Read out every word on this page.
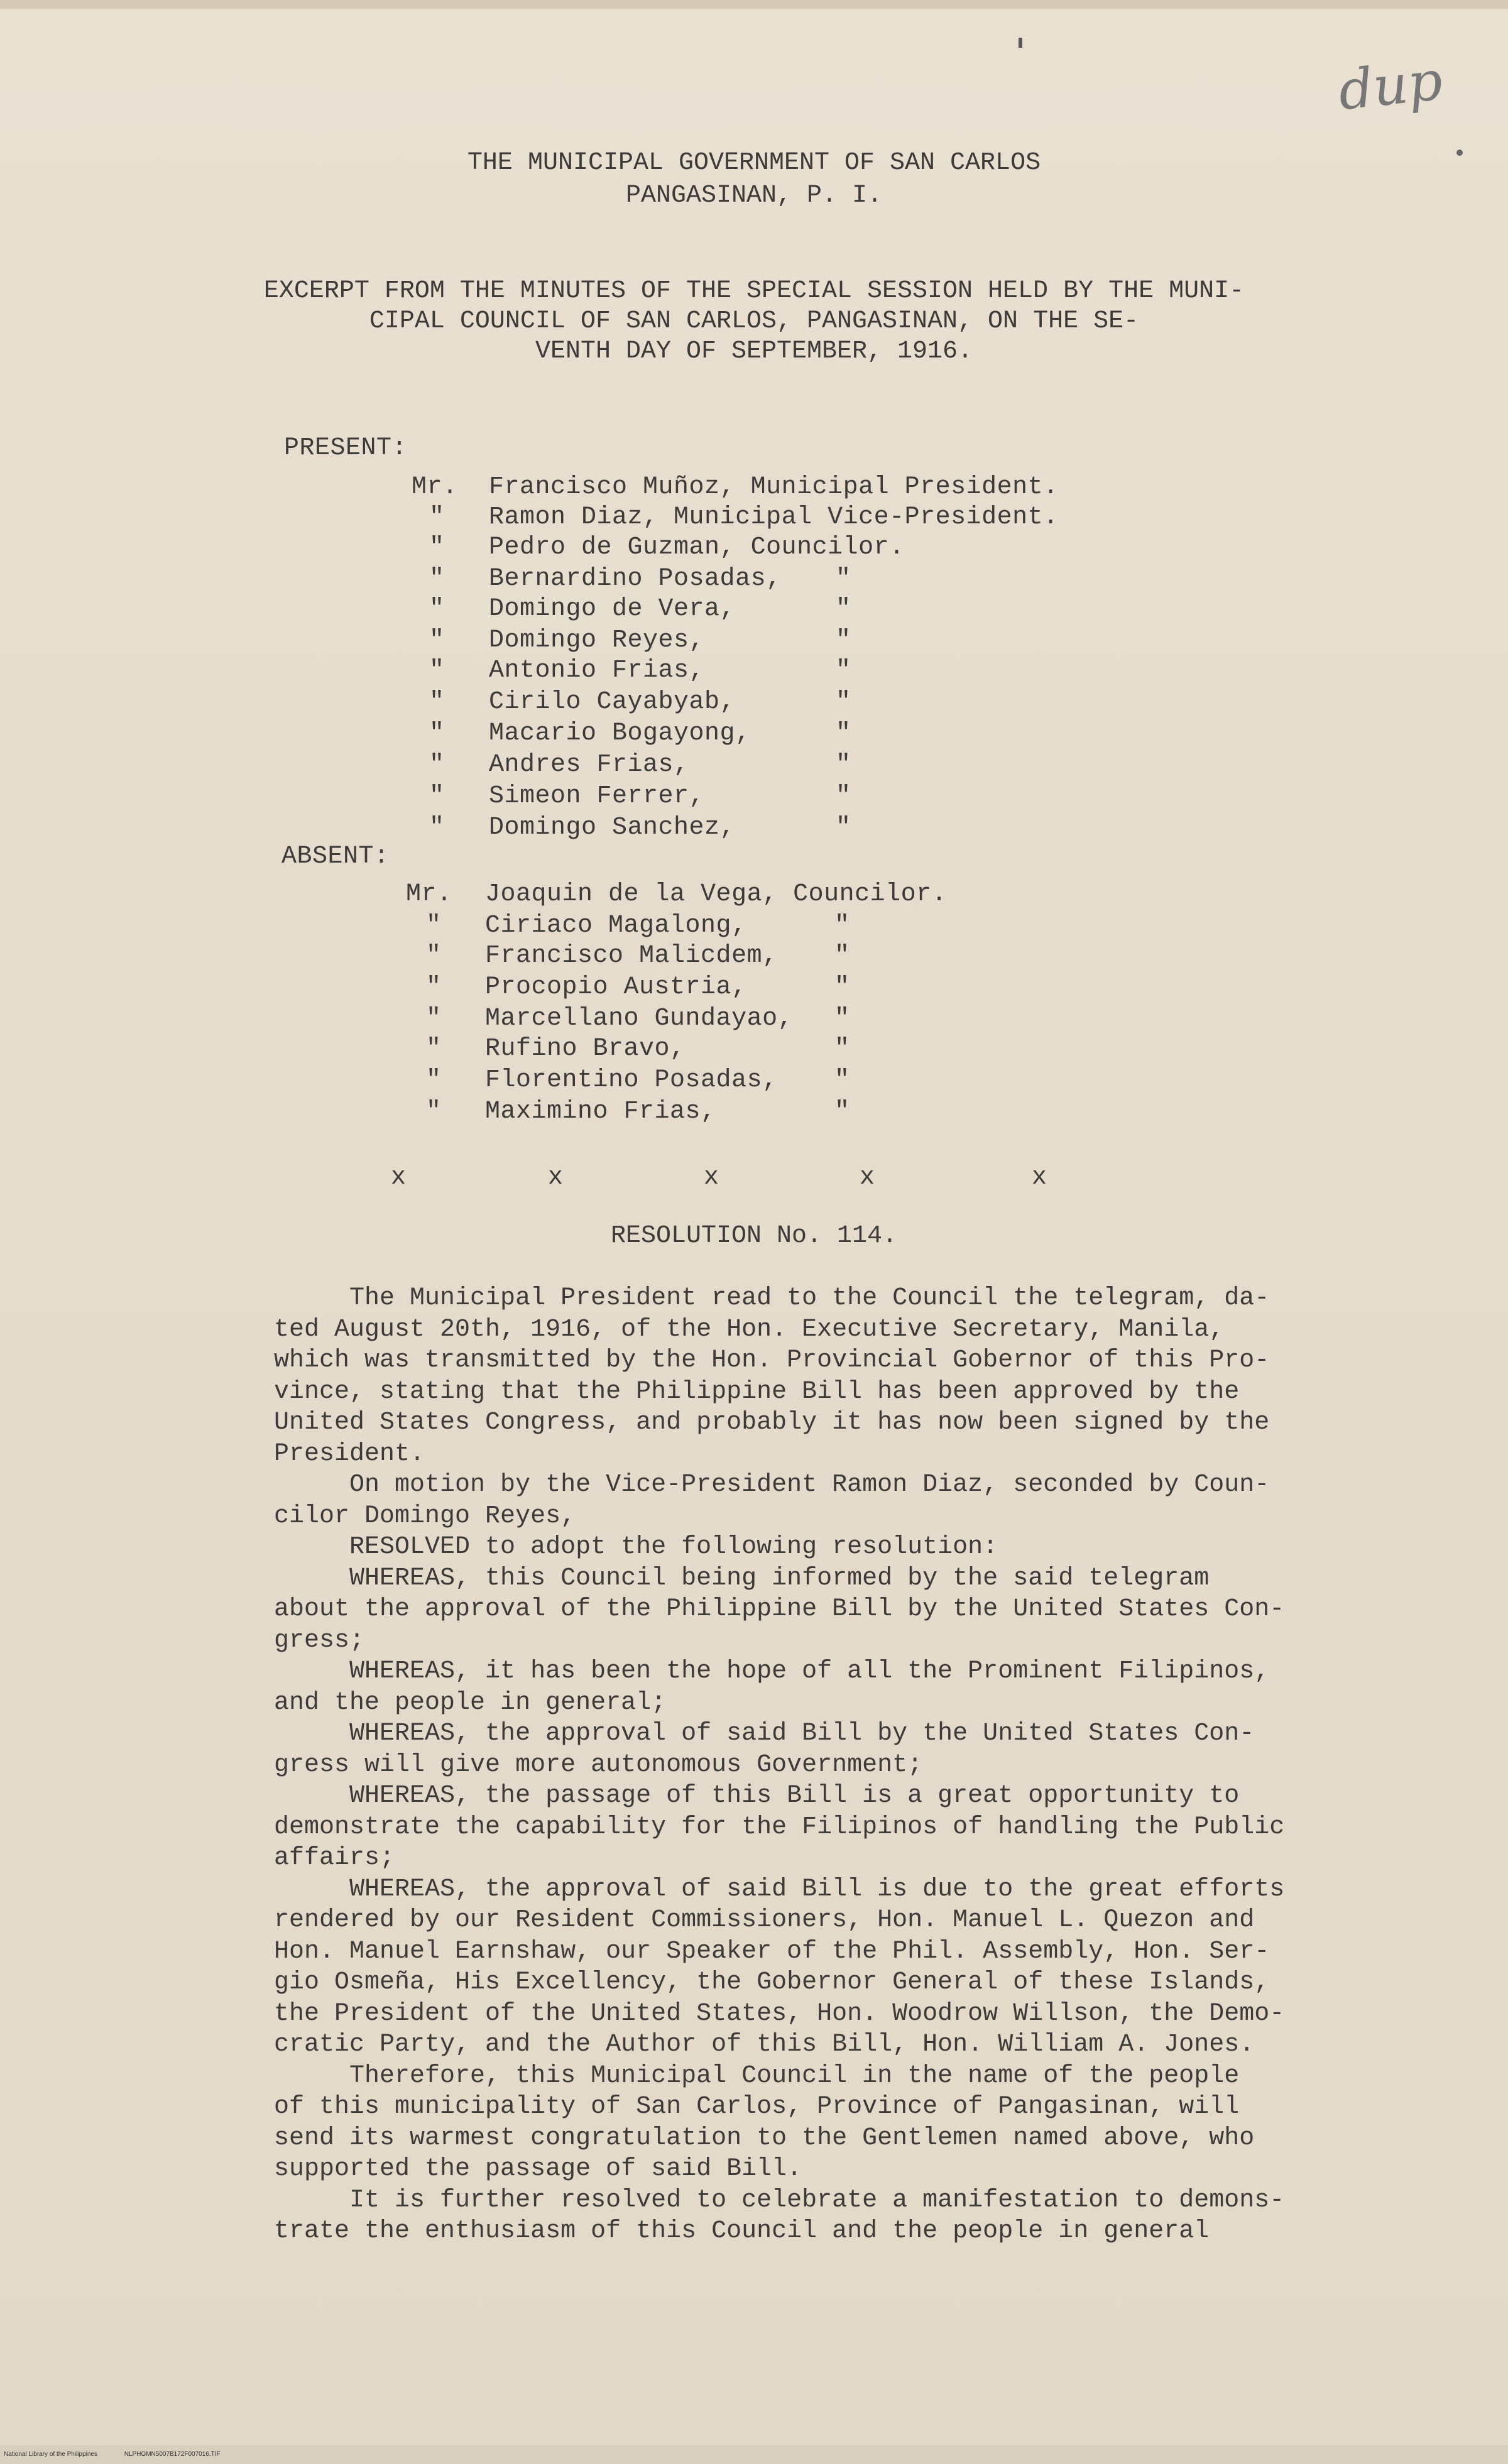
dup
THE MUNICIPAL GOVERNMENT OF SAN CARLOS
PANGASINAN, P. I.
EXCERPT FROM THE MINUTES OF THE SPECIAL SESSION HELD BY THE MUNI-
CIPAL COUNCIL OF SAN CARLOS, PANGASINAN, ON THE SE-
VENTH DAY OF SEPTEMBER, 1916.
PRESENT:
Mr. Francisco Muñoz, Municipal President.
" Ramon Diaz, Municipal Vice-President.
" Pedro de Guzman, Councilor.
" Bernardino Posadas, "
" Domingo de Vera,	"
" Domingo Reyes,	"
" Antonio Frias,	"
" Cirilo Cayabyab,	"
" Macario Bogayong,	"
" Andres Frias,	"
" Simeon Ferrer,	"
" Domingo Sanchez,	"
ABSENT:
Mr. Joaquin de la Vega, Councilor.
" Ciriaco Magalong,	"
" Francisco Malicdem, "
" Procopio Austria,	"
" Marcellano Gundayao, "
" Rufino Bravo,	"
" Florentino Posadas, "
" Maximino Frias,	"
x	x	x	x	x
RESOLUTION No. 114.

The Municipal President read to the Council the telegram, da-

ted August 20th, 1916, of the Hon. Executive Secretary, Manila,

which was transmitted by the Hon. Provincial Gobernor of this Pro-

vince, stating that the Philippine Bill has been approved by the

United States Congress, and probably it has now been signed by the

President.

On motion by the Vice-President Ramon Diaz, seconded by Coun-

cilor Domingo Reyes,

RESOLVED to adopt the following resolution:

WHEREAS, this Council being informed by the said telegram

about the approval of the Philippine Bill by the United States Con-

gress;

WHEREAS, it has been the hope of all the Prominent Filipinos,

and the people in general;

WHEREAS, the approval of said Bill by the United States Con-

gress will give more autonomous Government;

WHEREAS, the passage of this Bill is a great opportunity to

demonstrate the capability for the Filipinos of handling the Public

affairs;

WHEREAS, the approval of said Bill is due to the great efforts

rendered by our Resident Commissioners, Hon. Manuel L. Quezon and

Hon. Manuel Earnshaw, our Speaker of the Phil. Assembly, Hon. Ser-

gio Osmeña, His Excellency, the Gobernor General of these Islands,

the President of the United States, Hon. Woodrow Willson, the Demo-

cratic Party, and the Author of this Bill, Hon. William A. Jones.

Therefore, this Municipal Council in the name of the people

of this municipality of San Carlos, Province of Pangasinan, will

send its warmest congratulation to the Gentlemen named above, who

supported the passage of said Bill.

It is further resolved to celebrate a manifestation to demons-

trate the enthusiasm of this Council and the people in general

National Library of the Philippines	NLPHGMN5007B172F007016.TIF
